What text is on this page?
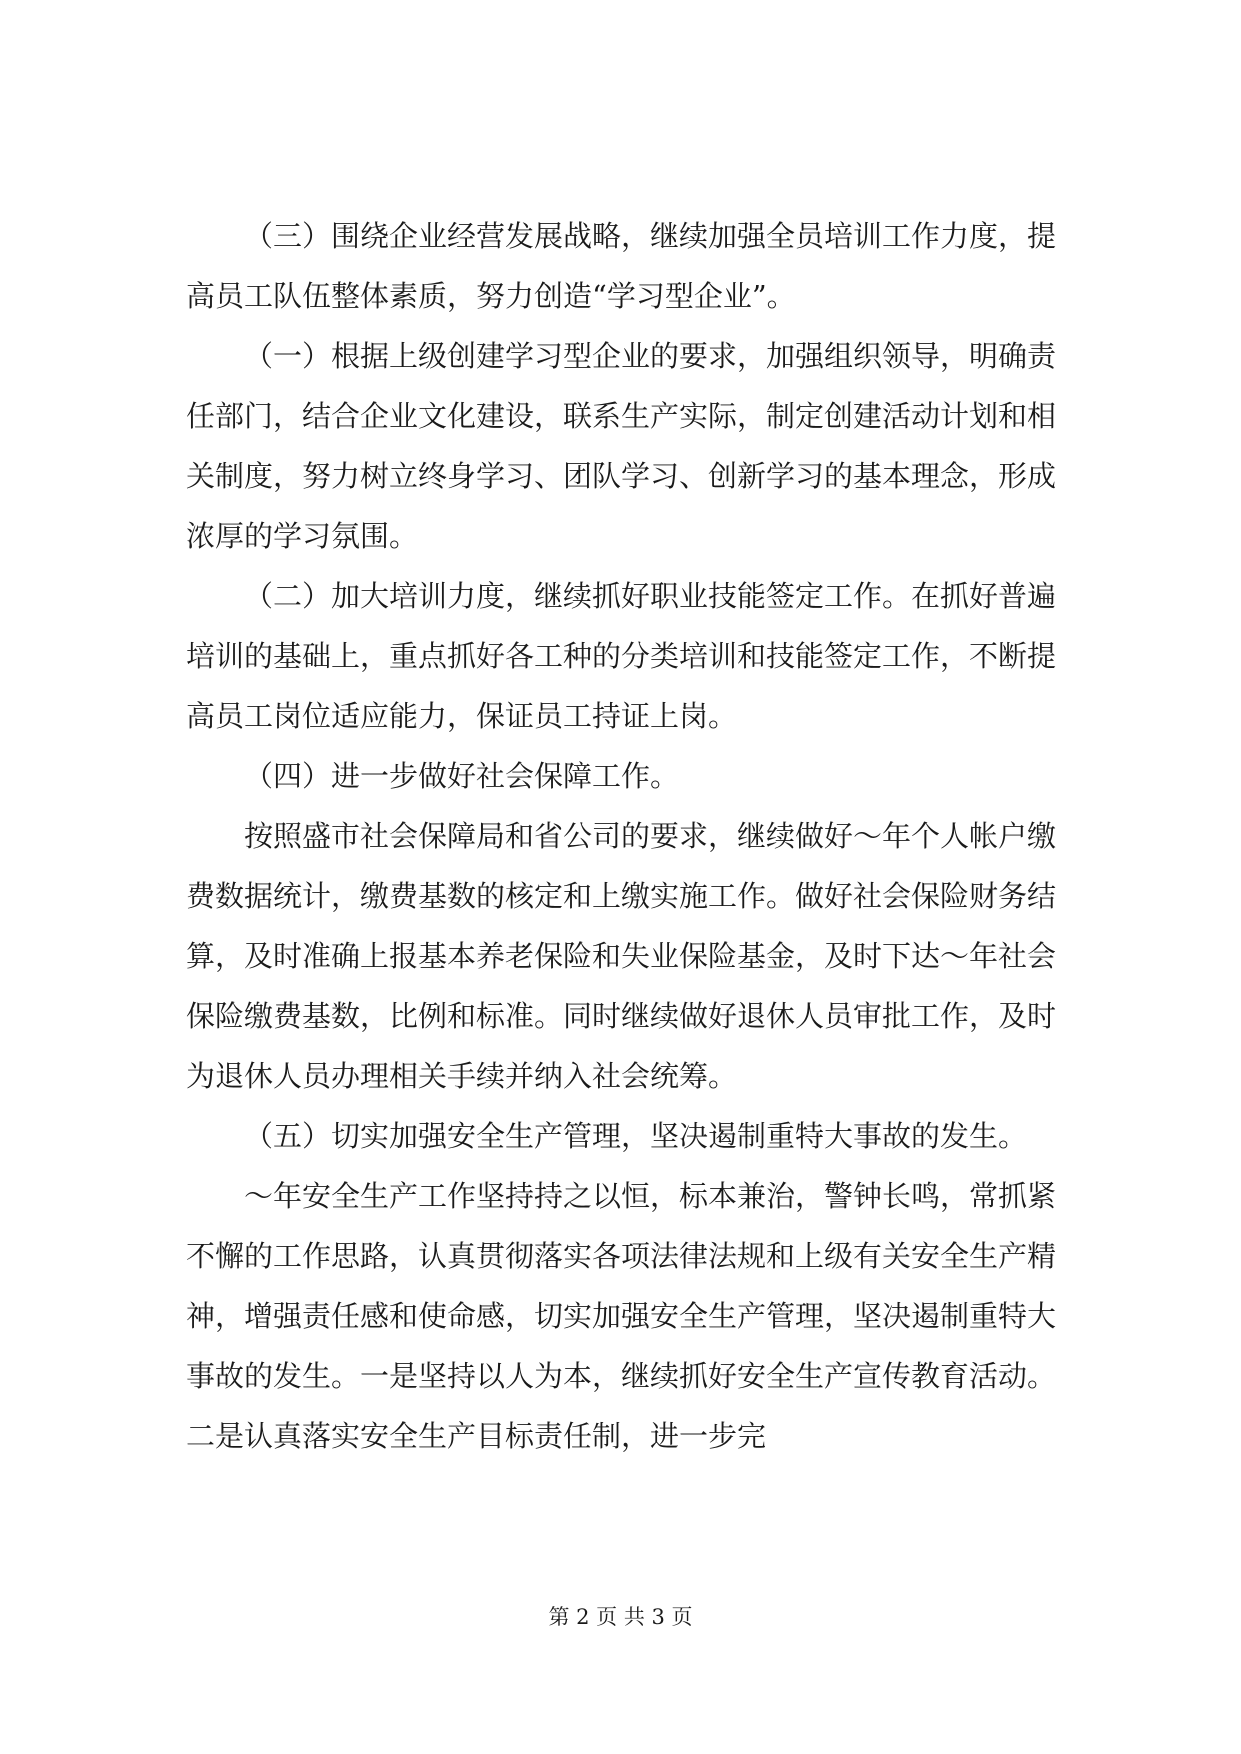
（三）围绕企业经营发展战略，继续加强全员培训工作力度，提高员工队伍整体素质，努力创造“学习型企业”。

（一）根据上级创建学习型企业的要求，加强组织领导，明确责任部门，结合企业文化建设，联系生产实际，制定创建活动计划和相关制度，努力树立终身学习、团队学习、创新学习的基本理念，形成浓厚的学习氛围。

（二）加大培训力度，继续抓好职业技能签定工作。在抓好普遍培训的基础上，重点抓好各工种的分类培训和技能签定工作，不断提高员工岗位适应能力，保证员工持证上岗。

（四）进一步做好社会保障工作。

按照盛市社会保障局和省公司的要求，继续做好～年个人帐户缴费数据统计，缴费基数的核定和上缴实施工作。做好社会保险财务结算，及时准确上报基本养老保险和失业保险基金，及时下达～年社会保险缴费基数，比例和标准。同时继续做好退休人员审批工作，及时为退休人员办理相关手续并纳入社会统筹。

（五）切实加强安全生产管理，坚决遏制重特大事故的发生。

～年安全生产工作坚持持之以恒，标本兼治，警钟长鸣，常抓紧不懈的工作思路，认真贯彻落实各项法律法规和上级有关安全生产精神，增强责任感和使命感，切实加强安全生产管理，坚决遏制重特大事故的发生。一是坚持以人为本，继续抓好安全生产宣传教育活动。二是认真落实安全生产目标责任制，进一步完

第 2 页 共 3 页
